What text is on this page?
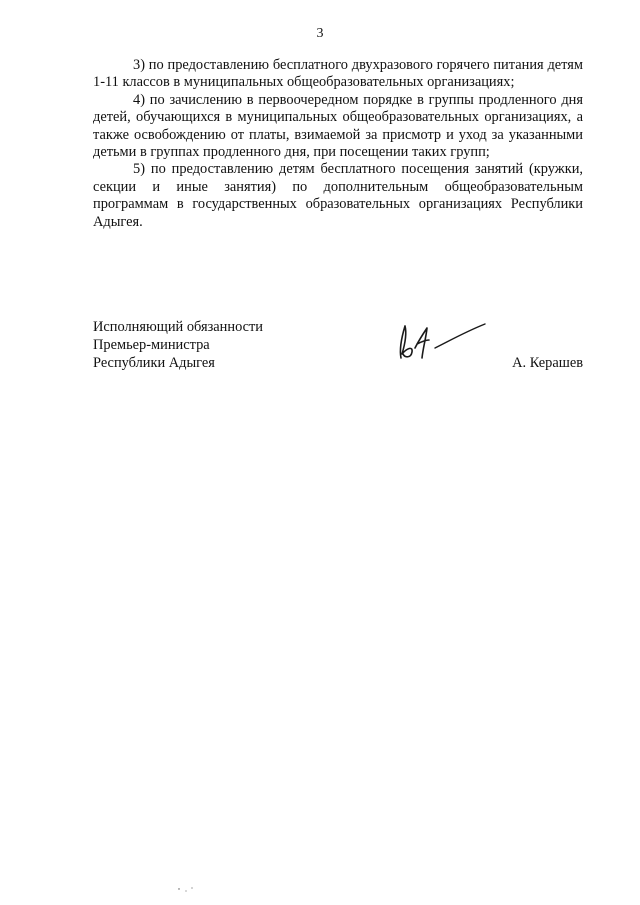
3

3) по предоставлению бесплатного двухразового горячего питания детям 1-11 классов в муниципальных общеобразовательных организациях;

4) по зачислению в первоочередном порядке в группы продленного дня детей, обучающихся в муниципальных общеобразовательных организациях, а также освобождению от платы, взимаемой за присмотр и уход за указанными детьми в группах продленного дня, при посещении таких групп;

5) по предоставлению детям бесплатного посещения занятий (кружки, секции и иные занятия) по дополнительным общеобразовательным программам в государственных образовательных организациях Республики Адыгея.

Исполняющий обязанности
Премьер-министра
Республики Адыгея	А. Керашев
